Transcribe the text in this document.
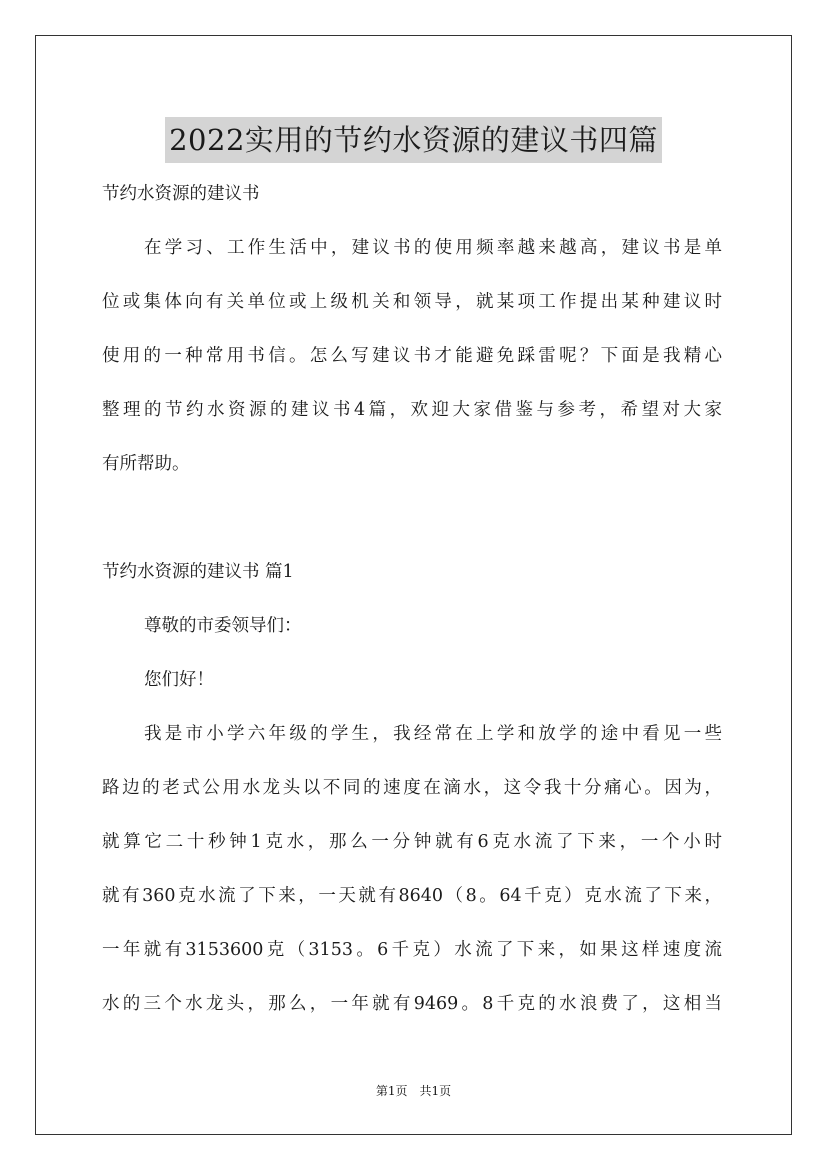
2022实用的节约水资源的建议书四篇
节约水资源的建议书
在学习、工作生活中，建议书的使用频率越来越高，建议书是单
位或集体向有关单位或上级机关和领导，就某项工作提出某种建议时
使用的一种常用书信。怎么写建议书才能避免踩雷呢？下面是我精心
整理的节约水资源的建议书4篇，欢迎大家借鉴与参考，希望对大家
有所帮助。
节约水资源的建议书 篇1
尊敬的市委领导们：
您们好！
我是市小学六年级的学生，我经常在上学和放学的途中看见一些
路边的老式公用水龙头以不同的速度在滴水，这令我十分痛心。因为，
就算它二十秒钟1克水，那么一分钟就有6克水流了下来，一个小时
就有360克水流了下来，一天就有8640（8。64千克）克水流了下来，
一年就有3153600克（3153。6千克）水流了下来，如果这样速度流
水的三个水龙头，那么，一年就有9469。8千克的水浪费了，这相当
第1页　共1页
